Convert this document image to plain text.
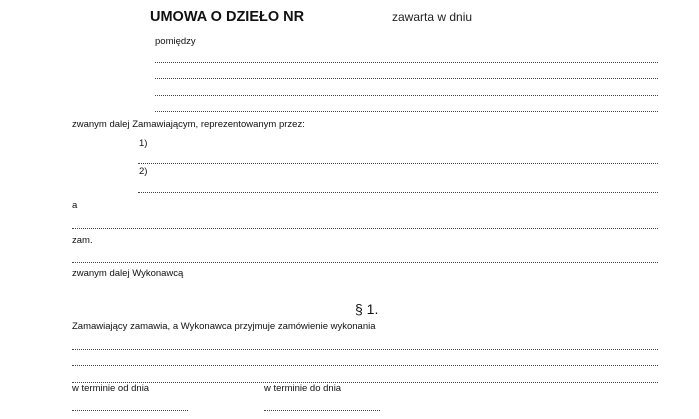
UMOWA O DZIEŁO NR	zawarta w dniu
pomiędzy
zwanym dalej Zamawiającym, reprezentowanym przez:
1)
2)
a
zam.
zwanym dalej Wykonawcą
§ 1.
Zamawiający zamawia, a Wykonawca przyjmuje zamówienie wykonania
w terminie od dnia	w terminie do dnia
